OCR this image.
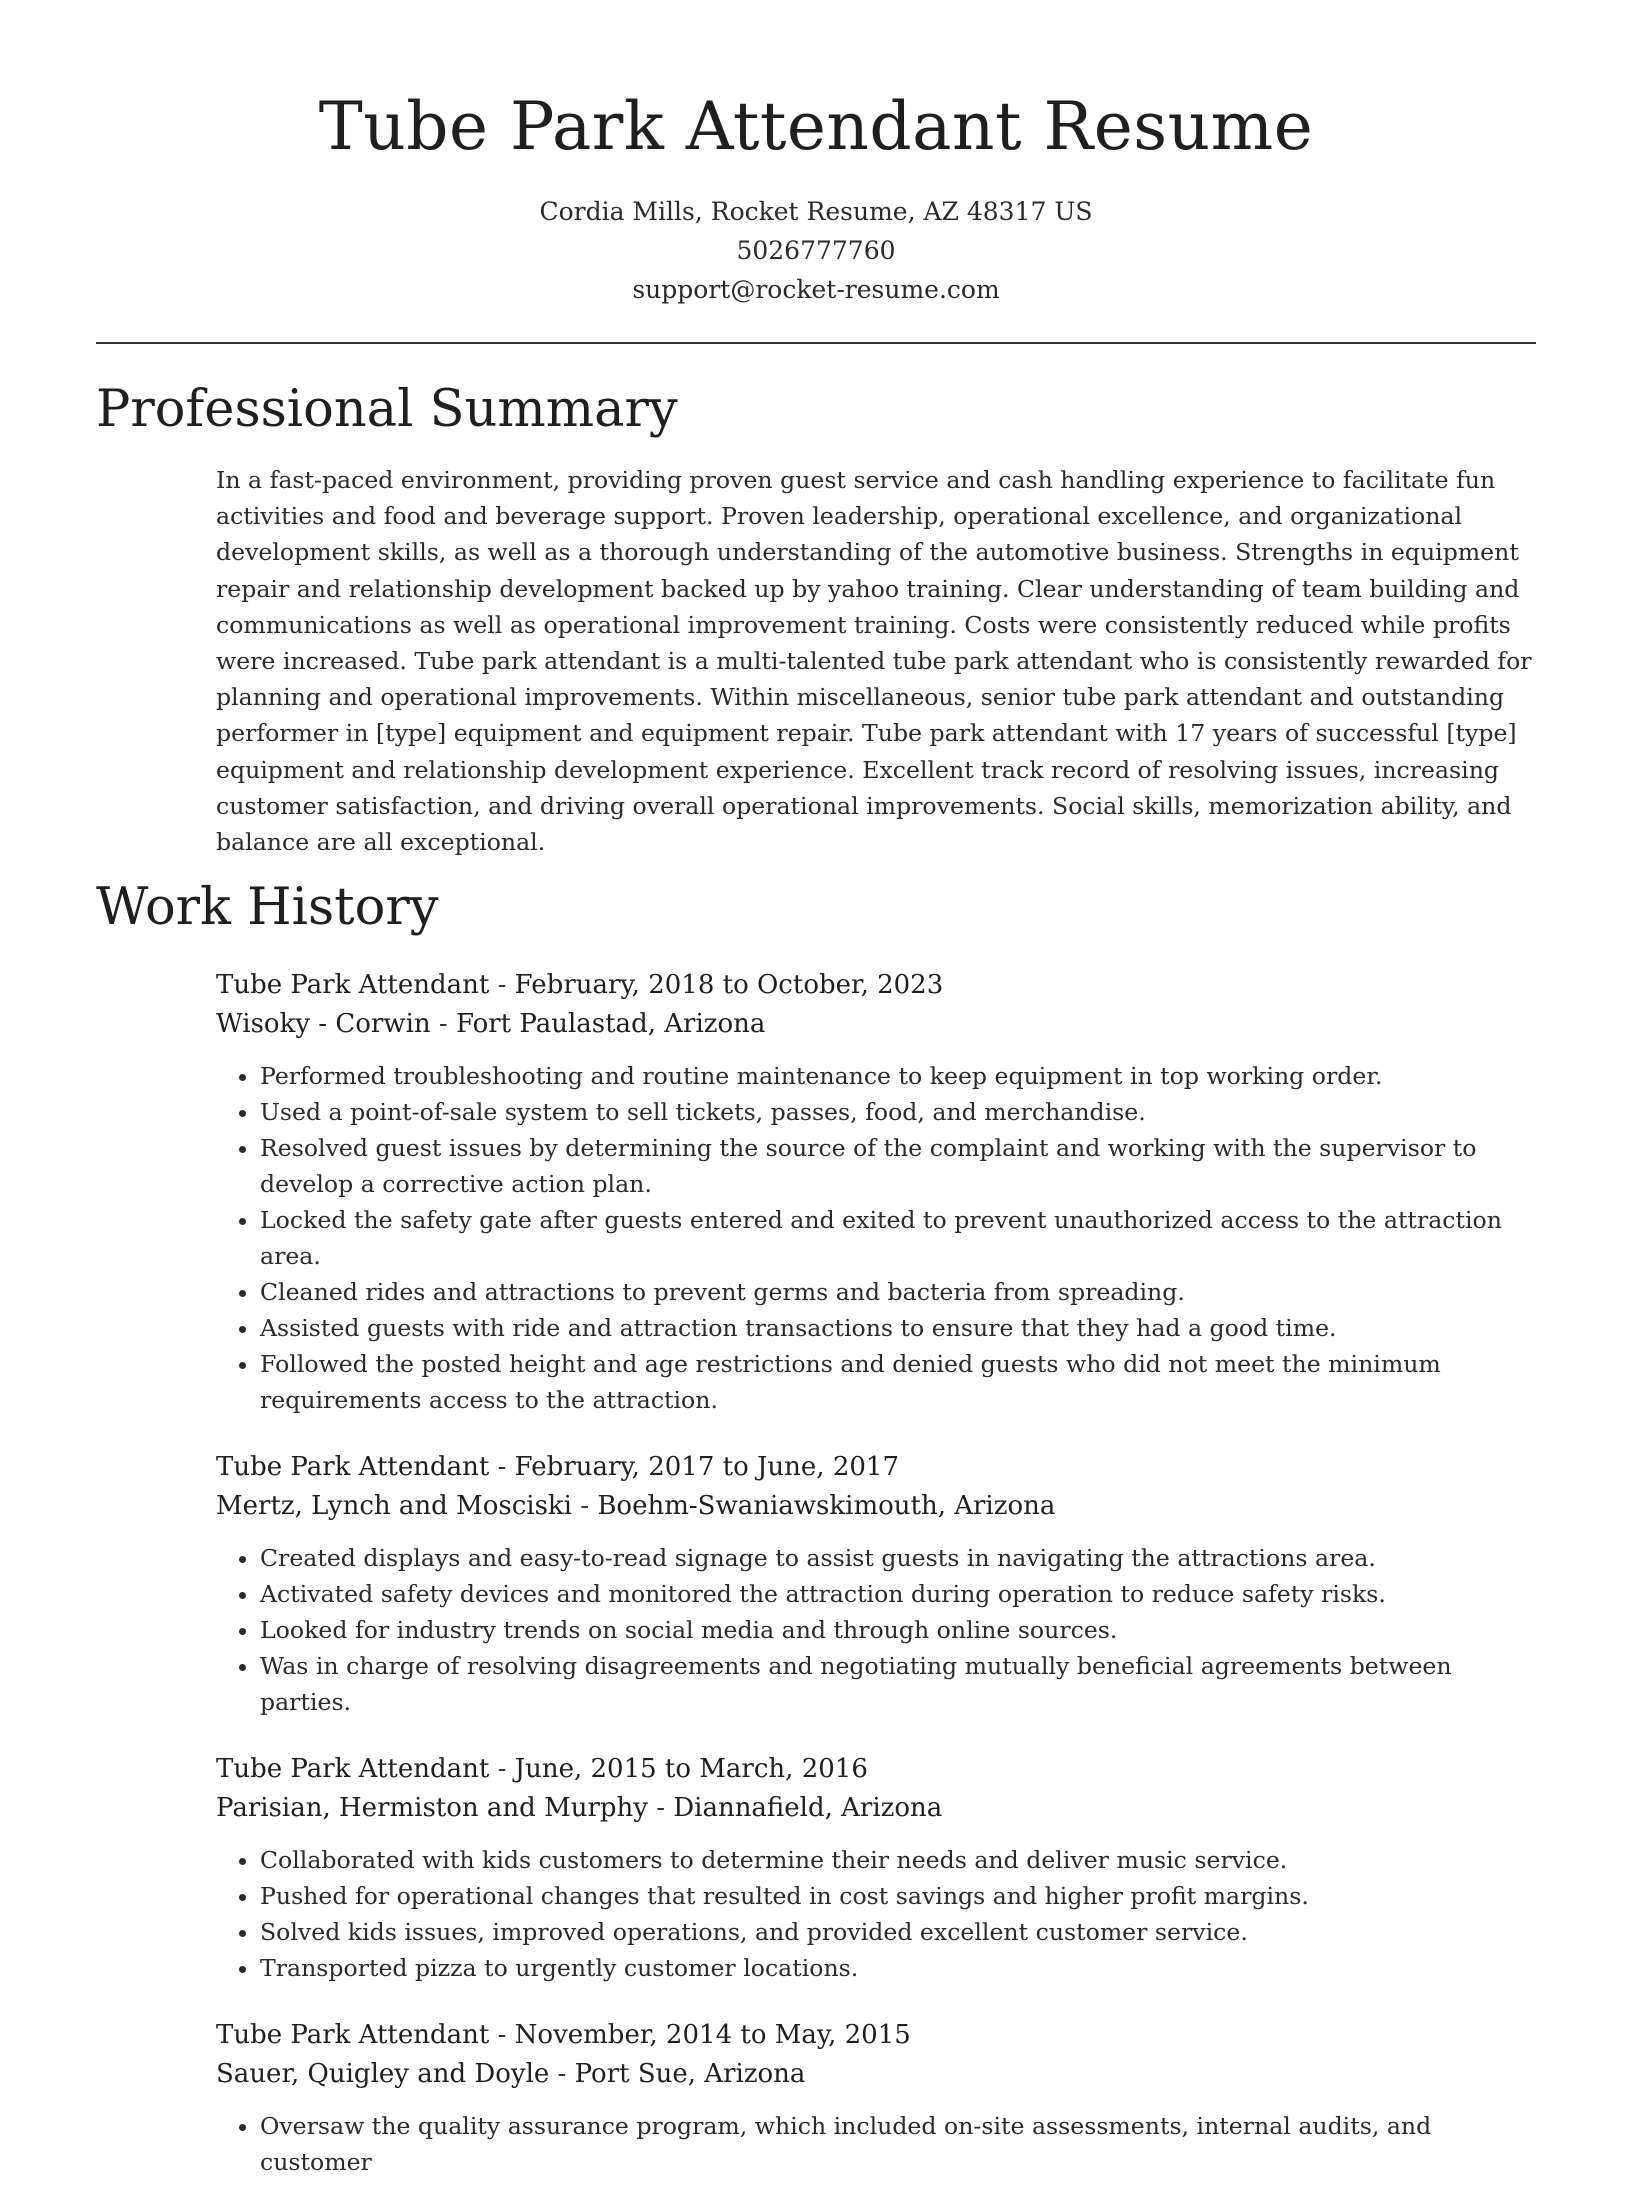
Tube Park Attendant Resume
Cordia Mills, Rocket Resume, AZ 48317 US
5026777760
support@rocket-resume.com
Professional Summary

In a fast-paced environment, providing proven guest service and cash handling experience to facilitate fun activities and food and beverage support. Proven leadership, operational excellence, and organizational development skills, as well as a thorough understanding of the automotive business. Strengths in equipment repair and relationship development backed up by yahoo training. Clear understanding of team building and communications as well as operational improvement training. Costs were consistently reduced while profits were increased. Tube park attendant is a multi-talented tube park attendant who is consistently rewarded for planning and operational improvements. Within miscellaneous, senior tube park attendant and outstanding performer in [type] equipment and equipment repair. Tube park attendant with 17 years of successful [type] equipment and relationship development experience. Excellent track record of resolving issues, increasing customer satisfaction, and driving overall operational improvements. Social skills, memorization ability, and balance are all exceptional.

Work History
Tube Park Attendant - February, 2018 to October, 2023
Wisoky - Corwin - Fort Paulastad, Arizona
• Performed troubleshooting and routine maintenance to keep equipment in top working order.
• Used a point-of-sale system to sell tickets, passes, food, and merchandise.
• Resolved guest issues by determining the source of the complaint and working with the supervisor to develop a corrective action plan.
• Locked the safety gate after guests entered and exited to prevent unauthorized access to the attraction area.
• Cleaned rides and attractions to prevent germs and bacteria from spreading.
• Assisted guests with ride and attraction transactions to ensure that they had a good time.
• Followed the posted height and age restrictions and denied guests who did not meet the minimum requirements access to the attraction.
Tube Park Attendant - February, 2017 to June, 2017
Mertz, Lynch and Mosciski - Boehm-Swaniawskimouth, Arizona
• Created displays and easy-to-read signage to assist guests in navigating the attractions area.
• Activated safety devices and monitored the attraction during operation to reduce safety risks.
• Looked for industry trends on social media and through online sources.
• Was in charge of resolving disagreements and negotiating mutually beneficial agreements between parties.
Tube Park Attendant - June, 2015 to March, 2016
Parisian, Hermiston and Murphy - Diannafield, Arizona
• Collaborated with kids customers to determine their needs and deliver music service.
• Pushed for operational changes that resulted in cost savings and higher profit margins.
• Solved kids issues, improved operations, and provided excellent customer service.
• Transported pizza to urgently customer locations.
Tube Park Attendant - November, 2014 to May, 2015
Sauer, Quigley and Doyle - Port Sue, Arizona
• Oversaw the quality assurance program, which included on-site assessments, internal audits, and customer
